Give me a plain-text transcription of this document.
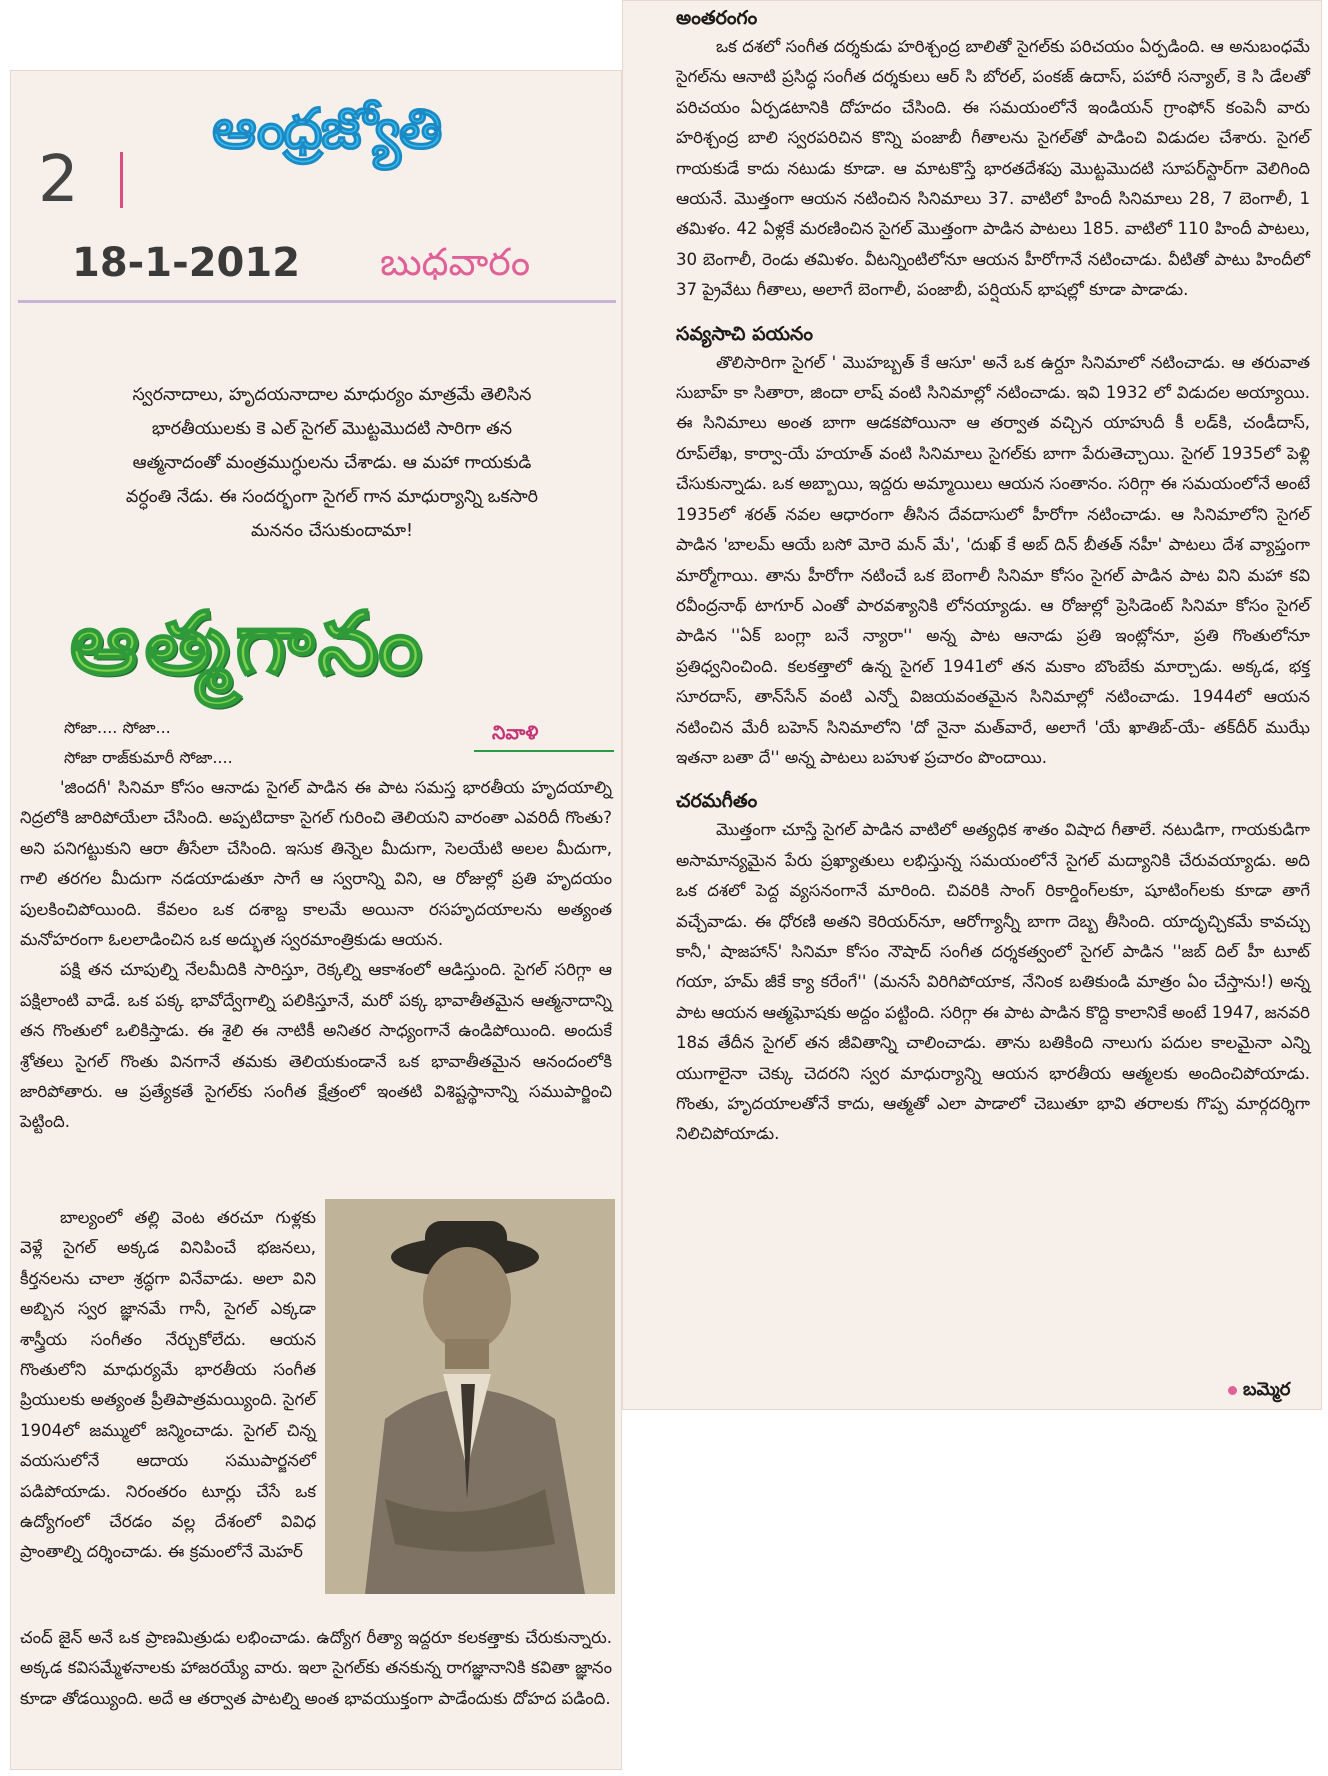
ఆంధ్రజ్యోతి
2
18-1-2012 బుధవారం
స్వరనాదాలు, హృదయనాదాల మాధుర్యం మాత్రమే తెలిసిన
భారతీయులకు కె ఎల్ సైగల్ మొట్టమొదటి సారిగా తన
ఆత్మనాదంతో మంత్రముగ్ధులను చేశాడు. ఆ మహా గాయకుడి
వర్ధంతి నేడు. ఈ సందర్భంగా సైగల్ గాన మాధుర్యాన్ని ఒకసారి
మననం చేసుకుందామా!
ఆత్మగానం
సోజా.... సోజా...
సోజా రాజ్‌కుమారీ సోజా....
నివాళి

'జిందగీ' సినిమా కోసం ఆనాడు సైగల్ పాడిన ఈ పాట సమస్త భారతీయ హృదయాల్ని నిద్రలోకి జారిపోయేలా చేసింది. అప్పటిదాకా సైగల్ గురించి తెలియని వారంతా ఎవరిదీ గొంతు? అని పనిగట్టుకుని ఆరా తీసేలా చేసింది. ఇసుక తిన్నెల మీదుగా, సెలయేటి అలల మీదుగా, గాలి తరగల మీదుగా నడయాడుతూ సాగే ఆ స్వరాన్ని విని, ఆ రోజుల్లో ప్రతి హృదయం పులకించిపోయింది. కేవలం ఒక దశాబ్ద కాలమే అయినా రసహృదయాలను అత్యంత మనోహరంగా ఓలలాడించిన ఒక అద్భుత స్వరమాంత్రికుడు ఆయన.

పక్షి తన చూపుల్ని నేలమీదికి సారిస్తూ, రెక్కల్ని ఆకాశంలో ఆడిస్తుంది. సైగల్ సరిగ్గా ఆ పక్షిలాంటి వాడే. ఒక పక్క భావోద్వేగాల్ని పలికిస్తూనే, మరో పక్క భావాతీతమైన ఆత్మనాదాన్ని తన గొంతులో ఒలికిస్తాడు. ఈ శైలి ఈ నాటికీ అనితర సాధ్యంగానే ఉండిపోయింది. అందుకే శ్రోతలు సైగల్ గొంతు వినగానే తమకు తెలియకుండానే ఒక భావాతీతమైన ఆనందంలోకి జారిపోతారు. ఆ ప్రత్యేకతే సైగల్‌కు సంగీత క్షేత్రంలో ఇంతటి విశిష్టస్థానాన్ని సముపార్జించి పెట్టింది.

బాల్యంలో తల్లి వెంట తరచూ గుళ్లకు వెళ్లే సైగల్ అక్కడ వినిపించే భజనలు, కీర్తనలను చాలా శ్రద్ధగా వినేవాడు. అలా విని అబ్బిన స్వర జ్ఞానమే గానీ, సైగల్ ఎక్కడా శాస్త్రీయ సంగీతం నేర్చుకోలేదు. ఆయన గొంతులోని మాధుర్యమే భారతీయ సంగీత ప్రియులకు అత్యంత ప్రీతిపాత్రమయ్యింది. సైగల్ 1904లో జమ్ములో జన్మించాడు. సైగల్ చిన్న వయసులోనే ఆదాయ సముపార్జనలో పడిపోయాడు. నిరంతరం టూర్లు చేసే ఒక ఉద్యోగంలో చేరడం వల్ల దేశంలో వివిధ ప్రాంతాల్ని దర్శించాడు. ఈ క్రమంలోనే మెహర్

చంద్ జైన్ అనే ఒక ప్రాణమిత్రుడు లభించాడు. ఉద్యోగ రీత్యా ఇద్దరూ కలకత్తాకు చేరుకున్నారు. అక్కడ కవిసమ్మేళనాలకు హాజరయ్యే వారు. ఇలా సైగల్‌కు తనకున్న రాగజ్ఞానానికి కవితా జ్ఞానం కూడా తోడయ్యింది. అదే ఆ తర్వాత పాటల్ని అంత భావయుక్తంగా పాడేందుకు దోహద పడింది.

అంతరంగం

ఒక దశలో సంగీత దర్శకుడు హరిశ్చంద్ర బాలితో సైగల్‌కు పరిచయం ఏర్పడింది. ఆ అనుబంధమే సైగల్‌ను ఆనాటి ప్రసిద్ధ సంగీత దర్శకులు ఆర్ సి బోరల్, పంకజ్ ఉదాస్, పహారీ సన్యాల్, కె సి డేలతో పరిచయం ఏర్పడటానికి దోహదం చేసింది. ఈ సమయంలోనే ఇండియన్ గ్రాంఫోన్ కంపెనీ వారు హరిశ్చంద్ర బాలి స్వరపరిచిన కొన్ని పంజాబీ గీతాలను సైగల్‌తో పాడించి విడుదల చేశారు. సైగల్ గాయకుడే కాదు నటుడు కూడా. ఆ మాటకొస్తే భారతదేశపు మొట్టమొదటి సూపర్‌స్టార్‌గా వెలిగింది ఆయనే. మొత్తంగా ఆయన నటించిన సినిమాలు 37. వాటిలో హిందీ సినిమాలు 28, 7 బెంగాలీ, 1 తమిళం. 42 ఏళ్లకే మరణించిన సైగల్ మొత్తంగా పాడిన పాటలు 185. వాటిలో 110 హిందీ పాటలు, 30 బెంగాలీ, రెండు తమిళం. వీటన్నింటిలోనూ ఆయన హీరోగానే నటించాడు. వీటితో పాటు హిందీలో 37 ప్రైవేటు గీతాలు, అలాగే బెంగాలీ, పంజాబీ, పర్షియన్ భాషల్లో కూడా పాడాడు.

సవ్యసాచి పయనం

తొలిసారిగా సైగల్ ' మొహబ్బత్ కే ఆసూ' అనే ఒక ఉర్దూ సినిమాలో నటించాడు. ఆ తరువాత సుబాహ్ కా సితారా, జిందా లాష్ వంటి సినిమాల్లో నటించాడు. ఇవి 1932 లో విడుదల అయ్యాయి. ఈ సినిమాలు అంత బాగా ఆడకపోయినా ఆ తర్వాత వచ్చిన యాహుదీ కీ లడ్‌కి, చండీదాస్, రూప్‌లేఖ, కార్వా-యే హయాత్ వంటి సినిమాలు సైగల్‌కు బాగా పేరుతెచ్చాయి. సైగల్ 1935లో పెళ్లి చేసుకున్నాడు. ఒక అబ్బాయి, ఇద్దరు అమ్మాయిలు ఆయన సంతానం. సరిగ్గా ఈ సమయంలోనే అంటే 1935లో శరత్ నవల ఆధారంగా తీసిన దేవదాసులో హీరోగా నటించాడు. ఆ సినిమాలోని సైగల్ పాడిన 'బాలమ్ ఆయే బసో మోరె మన్ మే', 'దుఖ్ కే అబ్ దిన్ బీతత్ నహీ' పాటలు దేశ వ్యాప్తంగా మార్మోగాయి. తాను హీరోగా నటించే ఒక బెంగాలీ సినిమా కోసం సైగల్ పాడిన పాట విని మహా కవి రవీంద్రనాథ్ టాగూర్ ఎంతో పారవశ్యానికి లోనయ్యాడు. ఆ రోజుల్లో ప్రెసిడెంట్ సినిమా కోసం సైగల్ పాడిన ''ఏక్ బంగ్లా బనే న్యారా'' అన్న పాట ఆనాడు ప్రతి ఇంట్లోనూ, ప్రతి గొంతులోనూ ప్రతిధ్వనించింది. కలకత్తాలో ఉన్న సైగల్ 1941లో తన మకాం బొంబేకు మార్చాడు. అక్కడ, భక్త సూరదాస్, తాన్‌సేన్ వంటి ఎన్నో విజయవంతమైన సినిమాల్లో నటించాడు. 1944లో ఆయన నటించిన మేరీ బహెన్ సినిమాలోని 'దో నైనా మత్‌వారే, అలాగే 'యే ఖాతిబ్-యే- తక్‌దీర్ ముఝే ఇతనా బతా దే'' అన్న పాటలు బహుళ ప్రచారం పొందాయి.

చరమగీతం

మొత్తంగా చూస్తే సైగల్ పాడిన వాటిలో అత్యధిక శాతం విషాద గీతాలే. నటుడిగా, గాయకుడిగా అసామాన్యమైన పేరు ప్రఖ్యాతులు లభిస్తున్న సమయంలోనే సైగల్ మద్యానికి చేరువయ్యాడు. అది ఒక దశలో పెద్ద వ్యసనంగానే మారింది. చివరికి సాంగ్ రికార్డింగ్‌లకూ, షూటింగ్‌లకు కూడా తాగే వచ్చేవాడు. ఈ ధోరణి అతని కెరియర్‌నూ, ఆరోగ్యాన్నీ బాగా దెబ్బ తీసింది. యాదృచ్చికమే కావచ్చు కానీ,' షాజహాన్' సినిమా కోసం నౌషాద్ సంగీత దర్శకత్వంలో సైగల్ పాడిన ''జబ్ దిల్ హీ టూట్ గయా, హమ్ జీకే క్యా కరేంగే'' (మనసే విరిగిపోయాక, నేనింక బతికుండి మాత్రం ఏం చేస్తాను!) అన్న పాట ఆయన ఆత్మఘోషకు అద్దం పట్టింది. సరిగ్గా ఈ పాట పాడిన కొద్ది కాలానికే అంటే 1947, జనవరి 18వ తేదీన సైగల్ తన జీవితాన్ని చాలించాడు. తాను బతికింది నాలుగు పదుల కాలమైనా ఎన్ని యుగాలైనా చెక్కు చెదరని స్వర మాధుర్యాన్ని ఆయన భారతీయ ఆత్మలకు అందించిపోయాడు. గొంతు, హృదయాలతోనే కాదు, ఆత్మతో ఎలా పాడాలో చెబుతూ భావి తరాలకు గొప్ప మార్గదర్శిగా నిలిచిపోయాడు.

బమ్మెర
